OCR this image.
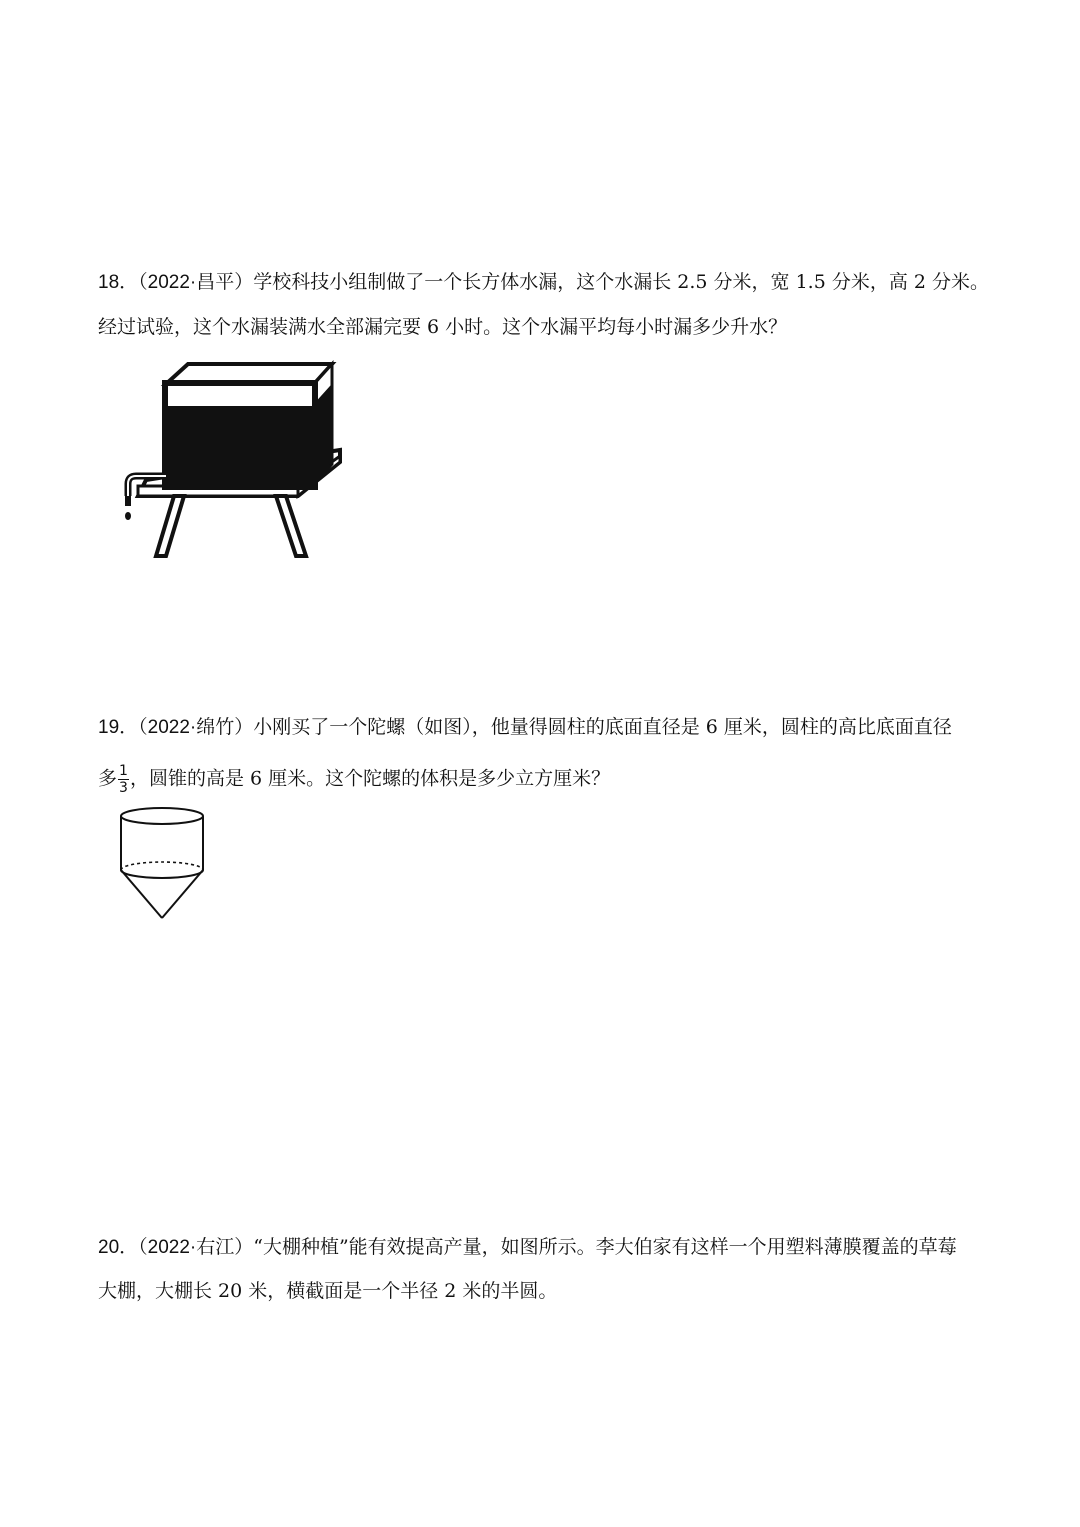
18．（2022·昌平）学校科技小组制做了一个长方体水漏，这个水漏长 2.5 分米，宽 1.5 分米，高 2 分米。
经过试验，这个水漏装满水全部漏完要 6 小时。这个水漏平均每小时漏多少升水？
19．（2022·绵竹）小刚买了一个陀螺（如图），他量得圆柱的底面直径是 6 厘米，圆柱的高比底面直径
多 $\frac{1}{3}$ ，圆锥的高是 6 厘米。这个陀螺的体积是多少立方厘米？
20．（2022·右江）“大棚种植”能有效提高产量，如图所示。李大伯家有这样一个用塑料薄膜覆盖的草莓
大棚，大棚长 20 米，横截面是一个半径 2 米的半圆。
